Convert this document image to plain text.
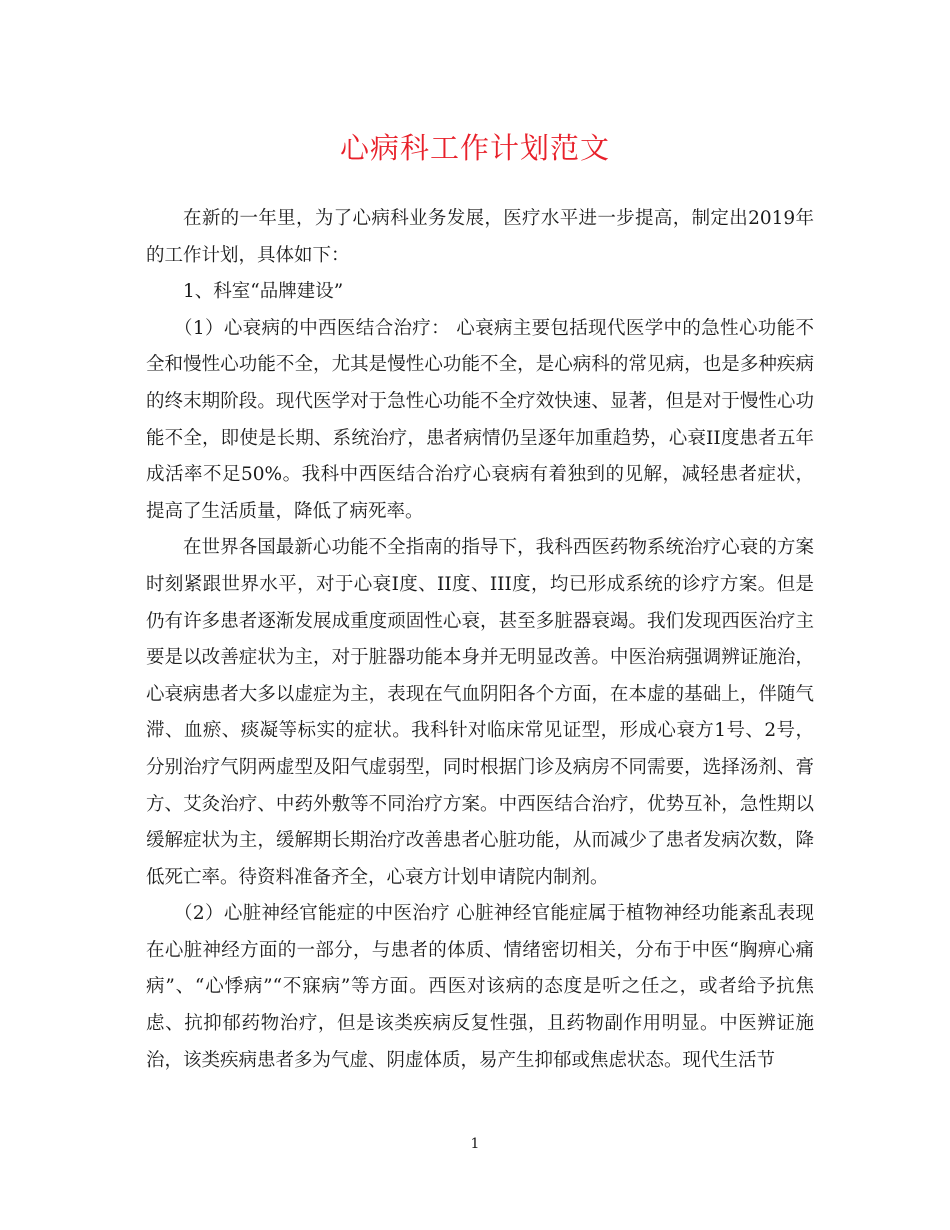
心病科工作计划范文

在新的一年里，为了心病科业务发展，医疗水平进一步提高，制定出2019年的工作计划，具体如下：

1、科室“品牌建设”

（1）心衰病的中西医结合治疗： 心衰病主要包括现代医学中的急性心功能不全和慢性心功能不全，尤其是慢性心功能不全，是心病科的常见病，也是多种疾病的终末期阶段。现代医学对于急性心功能不全疗效快速、显著，但是对于慢性心功能不全，即使是长期、系统治疗，患者病情仍呈逐年加重趋势，心衰II度患者五年成活率不足50%。我科中西医结合治疗心衰病有着独到的见解，减轻患者症状，提高了生活质量，降低了病死率。

在世界各国最新心功能不全指南的指导下，我科西医药物系统治疗心衰的方案时刻紧跟世界水平，对于心衰I度、II度、III度，均已形成系统的诊疗方案。但是仍有许多患者逐渐发展成重度顽固性心衰，甚至多脏器衰竭。我们发现西医治疗主要是以改善症状为主，对于脏器功能本身并无明显改善。中医治病强调辨证施治，心衰病患者大多以虚症为主，表现在气血阴阳各个方面，在本虚的基础上，伴随气滞、血瘀、痰凝等标实的症状。我科针对临床常见证型，形成心衰方1号、2号，分别治疗气阴两虚型及阳气虚弱型，同时根据门诊及病房不同需要，选择汤剂、膏方、艾灸治疗、中药外敷等不同治疗方案。中西医结合治疗，优势互补，急性期以缓解症状为主，缓解期长期治疗改善患者心脏功能，从而减少了患者发病次数，降低死亡率。待资料准备齐全，心衰方计划申请院内制剂。

（2）心脏神经官能症的中医治疗 心脏神经官能症属于植物神经功能紊乱表现在心脏神经方面的一部分，与患者的体质、情绪密切相关，分布于中医“胸痹心痛病”、“心悸病”“不寐病”等方面。西医对该病的态度是听之任之，或者给予抗焦虑、抗抑郁药物治疗，但是该类疾病反复性强，且药物副作用明显。中医辨证施治，该类疾病患者多为气虚、阴虚体质，易产生抑郁或焦虑状态。现代生活节

1
